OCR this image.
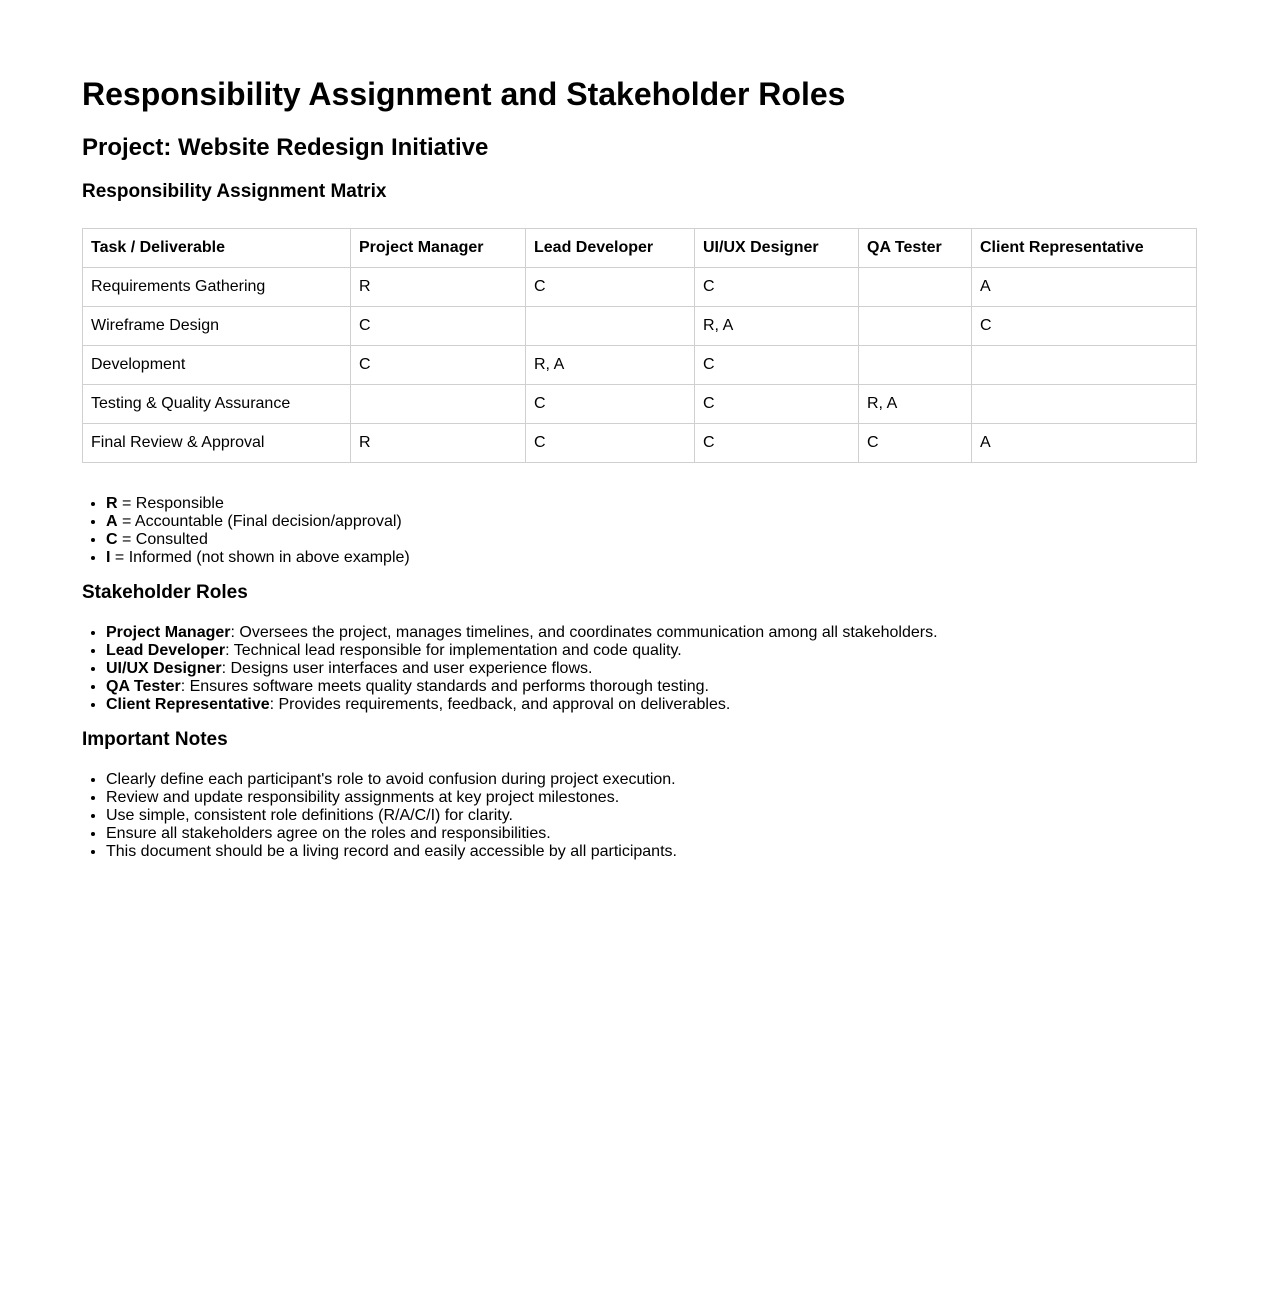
Responsibility Assignment and Stakeholder Roles
Project: Website Redesign Initiative
Responsibility Assignment Matrix
Task / Deliverable	Project Manager	Lead Developer	UI/UX Designer	QA Tester	Client Representative
Requirements Gathering	R	C	C		A
Wireframe Design	C		R, A		C
Development	C	R, A	C		
Testing & Quality Assurance		C	C	R, A	
Final Review & Approval	R	C	C	C	A
• R = Responsible
• A = Accountable (Final decision/approval)
• C = Consulted
• I = Informed (not shown in above example)
Stakeholder Roles
• Project Manager: Oversees the project, manages timelines, and coordinates communication among all stakeholders.
• Lead Developer: Technical lead responsible for implementation and code quality.
• UI/UX Designer: Designs user interfaces and user experience flows.
• QA Tester: Ensures software meets quality standards and performs thorough testing.
• Client Representative: Provides requirements, feedback, and approval on deliverables.
Important Notes
• Clearly define each participant's role to avoid confusion during project execution.
• Review and update responsibility assignments at key project milestones.
• Use simple, consistent role definitions (R/A/C/I) for clarity.
• Ensure all stakeholders agree on the roles and responsibilities.
• This document should be a living record and easily accessible by all participants.
